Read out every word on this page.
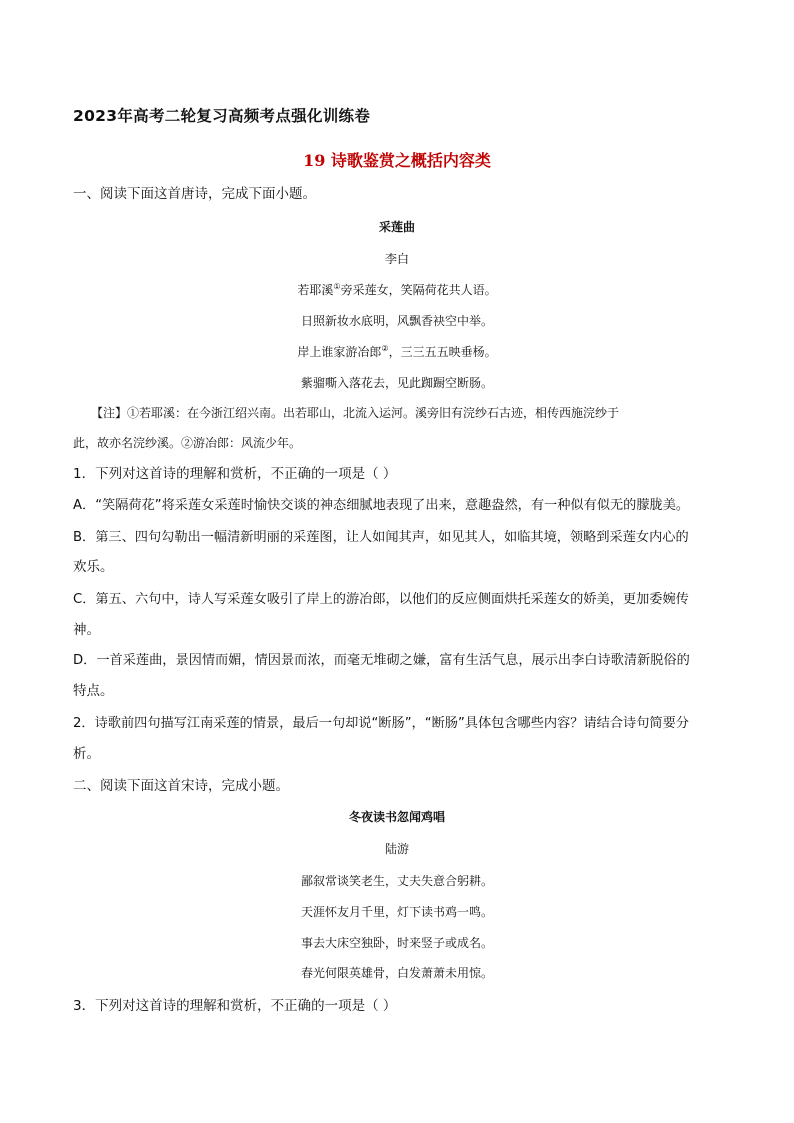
2023年高考二轮复习高频考点强化训练卷
19 诗歌鉴赏之概括内容类
一、阅读下面这首唐诗，完成下面小题。
采莲曲
李白
若耶溪①旁采莲女，笑隔荷花共人语。
日照新妆水底明，风飘香袂空中举。
岸上谁家游冶郎②，三三五五映垂杨。
紫骝嘶入落花去，见此踟蹰空断肠。
【注】①若耶溪：在今浙江绍兴南。出若耶山，北流入运河。溪旁旧有浣纱石古迹，相传西施浣纱于
此，故亦名浣纱溪。②游冶郎：风流少年。
1．下列对这首诗的理解和赏析，不正确的一项是（ ）
A．“笑隔荷花”将采莲女采莲时愉快交谈的神态细腻地表现了出来，意趣盎然，有一种似有似无的朦胧美。
B．第三、四句勾勒出一幅清新明丽的采莲图，让人如闻其声，如见其人，如临其境，领略到采莲女内心的
欢乐。
C．第五、六句中，诗人写采莲女吸引了岸上的游冶郎，以他们的反应侧面烘托采莲女的娇美，更加委婉传
神。
D．一首采莲曲，景因情而媚，情因景而浓，而毫无堆砌之嫌，富有生活气息，展示出李白诗歌清新脱俗的
特点。
2．诗歌前四句描写江南采莲的情景，最后一句却说“断肠”，“断肠”具体包含哪些内容？请结合诗句简要分
析。
二、阅读下面这首宋诗，完成小题。
冬夜读书忽闻鸡唱
陆游
鄙叙常谈笑老生，丈夫失意合躬耕。
天涯怀友月千里，灯下读书鸡一鸣。
事去大床空独卧，时来竖子或成名。
春光何限英雄骨，白发萧萧未用惊。
3．下列对这首诗的理解和赏析，不正确的一项是（ ）
